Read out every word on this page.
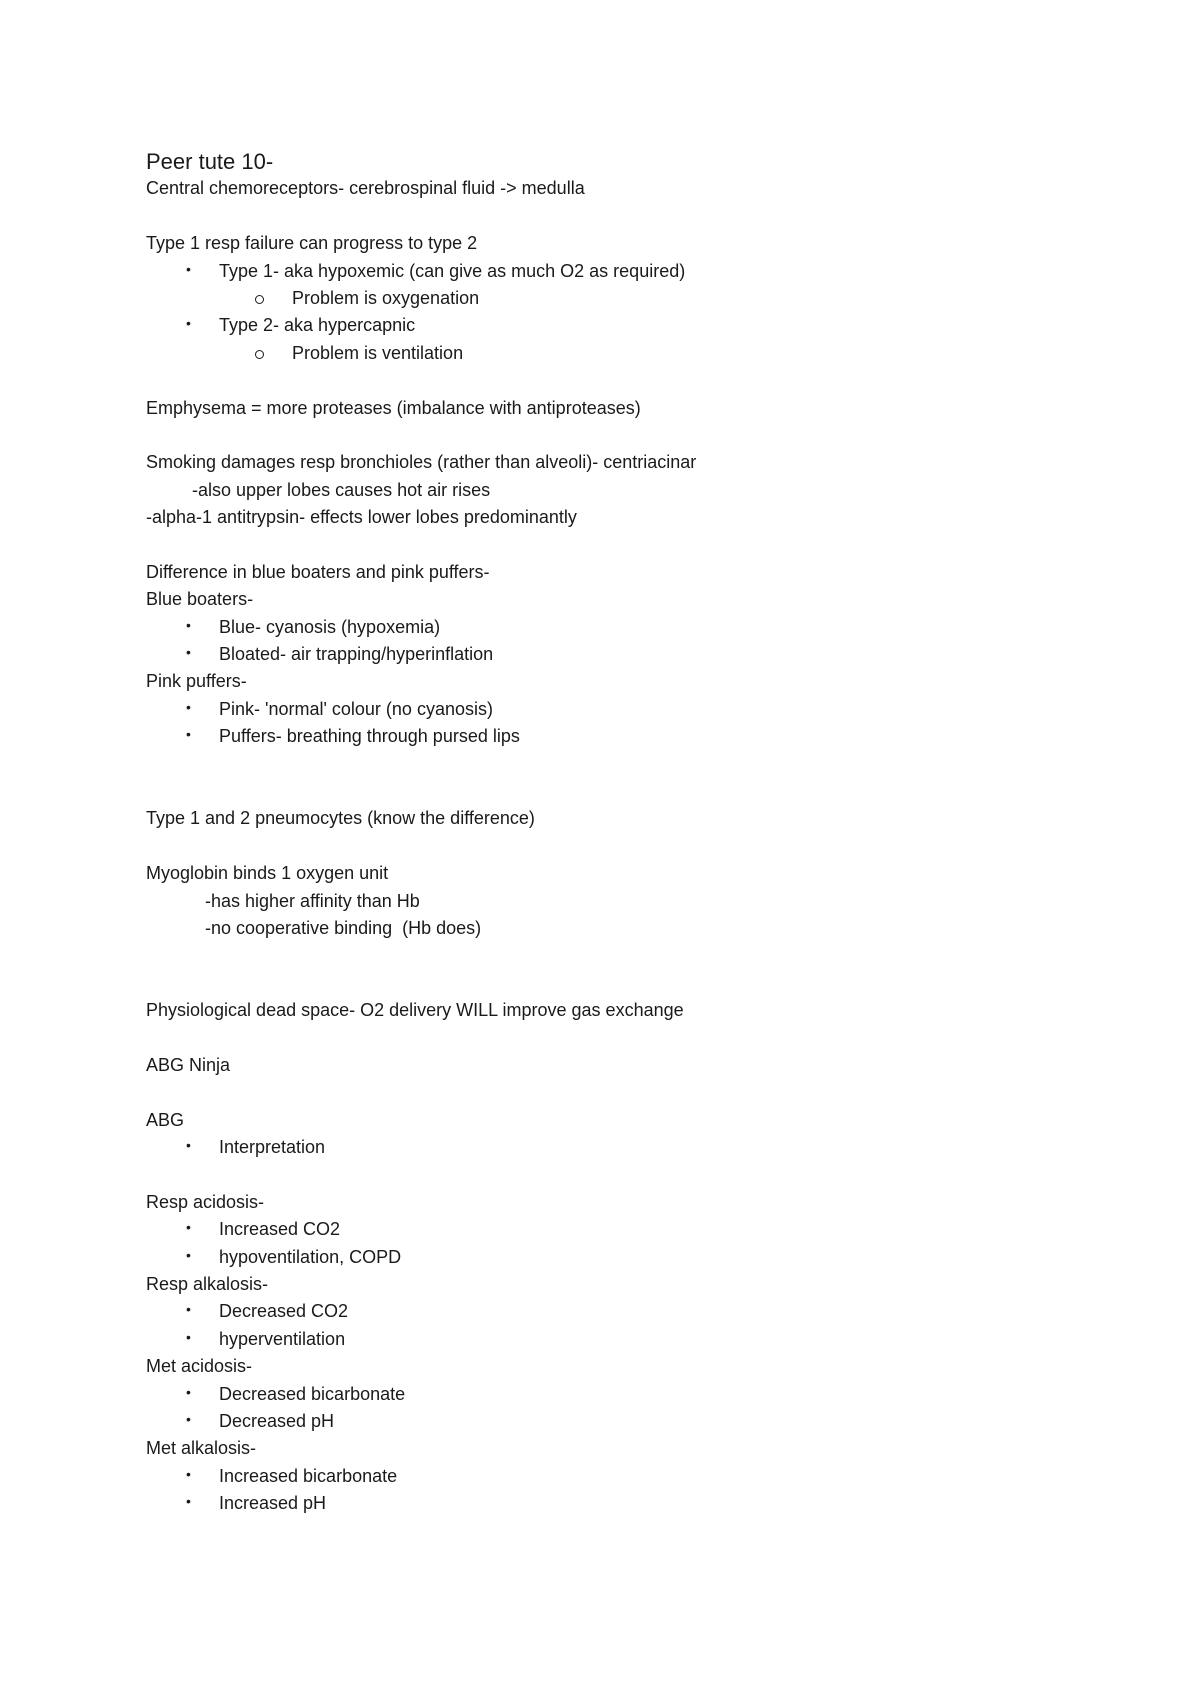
Peer tute 10-
Central chemoreceptors- cerebrospinal fluid -> medulla
Type 1 resp failure can progress to type 2
• Type 1- aka hypoxemic (can give as much O2 as required)
Problem is oxygenation
• Type 2- aka hypercapnic
Problem is ventilation
Emphysema = more proteases (imbalance with antiproteases)
Smoking damages resp bronchioles (rather than alveoli)- centriacinar
-also upper lobes causes hot air rises
-alpha-1 antitrypsin- effects lower lobes predominantly
Difference in blue boaters and pink puffers-
Blue boaters-
• Blue- cyanosis (hypoxemia)
• Bloated- air trapping/hyperinflation
Pink puffers-
• Pink- 'normal' colour (no cyanosis)
• Puffers- breathing through pursed lips
Type 1 and 2 pneumocytes (know the difference)
Myoglobin binds 1 oxygen unit
-has higher affinity than Hb
-no cooperative binding  (Hb does)
Physiological dead space- O2 delivery WILL improve gas exchange
ABG Ninja
ABG
• Interpretation
Resp acidosis-
• Increased CO2
• hypoventilation, COPD
Resp alkalosis-
• Decreased CO2
• hyperventilation
Met acidosis-
• Decreased bicarbonate
• Decreased pH
Met alkalosis-
• Increased bicarbonate
• Increased pH
